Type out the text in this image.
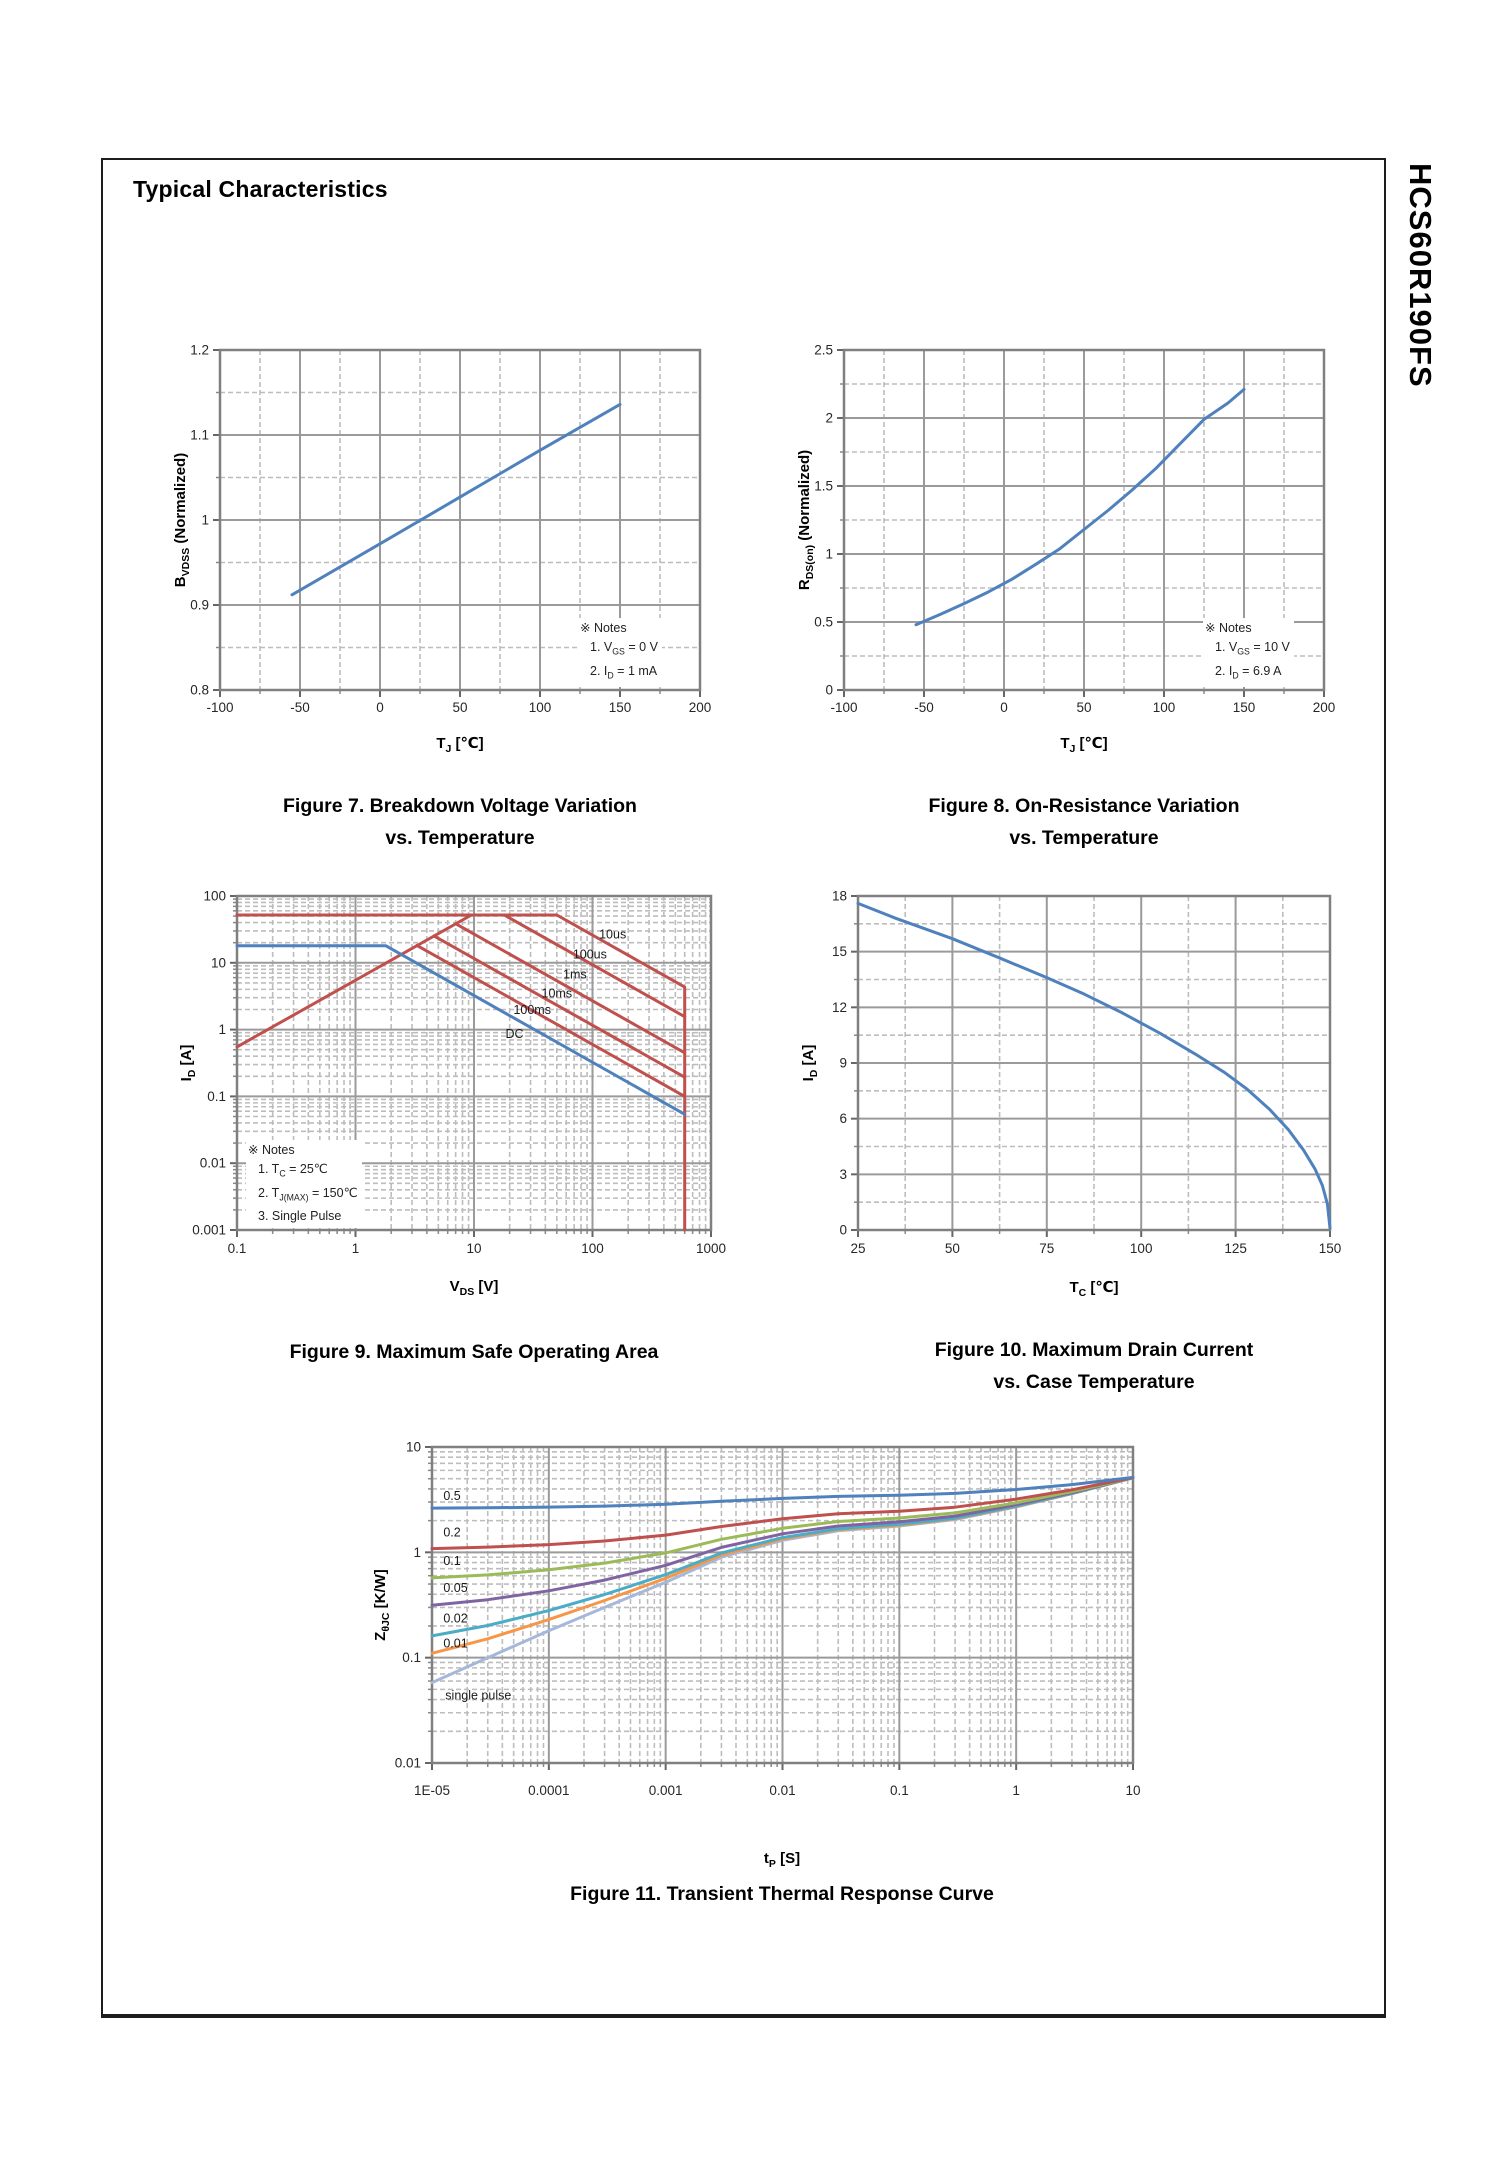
Typical Characteristics	HCS60R190FS
$B_{VDSS}$ (Normalized)
-100	-50	0	50	100	150	200
0.8
0.9
1
1.1
1.2
※ Notes
1. $V_{GS} = 0$ V
2. $I_D = 1$ mA
$T_J$ [℃]
Figure 7. Breakdown Voltage Variation
vs. Temperature
$R_{DS(on)}$ (Normalized)
-100	-50	0	50	100	150	200
0
0.5
1
1.5
2
2.5
※ Notes
1. $V_{GS} = 10$ V
2. $I_D = 6.9$ A
$T_J$ [℃]
Figure 8. On-Resistance Variation
vs. Temperature
$I_D$ [A]
10us
100us
1ms
10ms
100ms
DC
0.1	1	10	100	1000
0.001
0.01
0.1
1
10
100
※ Notes
1. $T_C$ = 25℃
2. $T_{J(MAX)}$ = 150℃
3. Single Pulse
$V_{DS}$ [V]
Figure 9. Maximum Safe Operating Area
$I_D$ [A]
25	50	75	100	125	150
0
3
6
9
12
15
18
$T_C$ [℃]
Figure 10. Maximum Drain Current
vs. Case Temperature
$Z_{\theta JC}$ [K/W]
0.5
0.2
0.1
0.05
0.02
0.01
single pulse
1E-05	0.0001	0.001	0.01	0.1	1	10
0.01
0.1
1
10
$t_P$ [S]
Figure 11. Transient Thermal Response Curve
